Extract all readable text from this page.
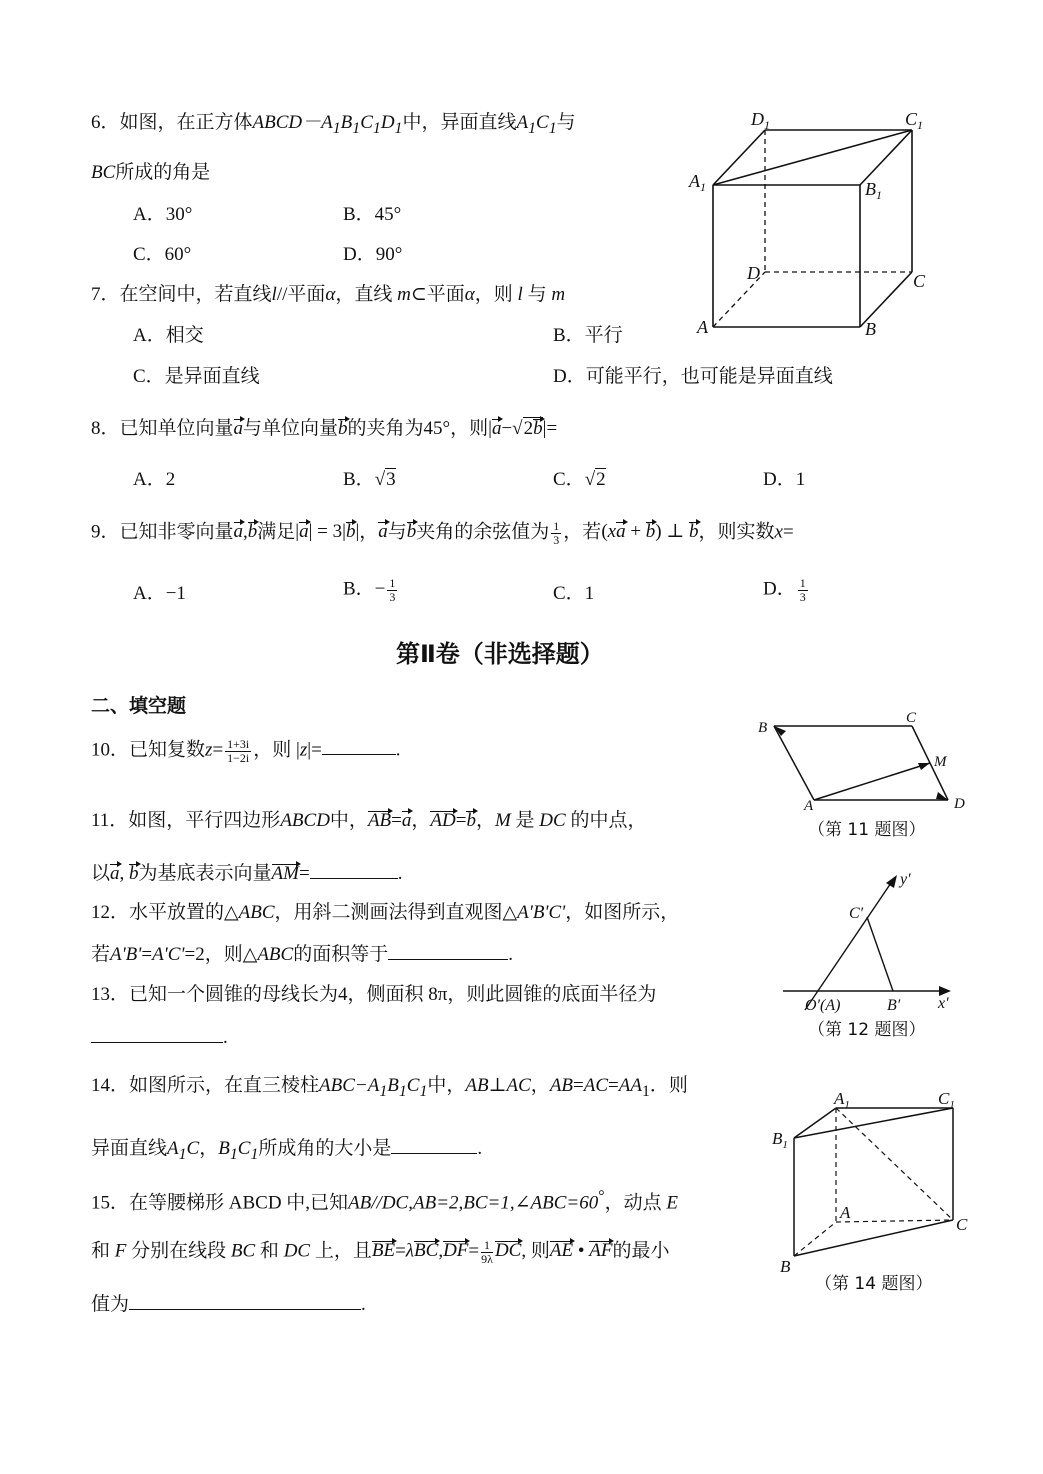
6．如图，在正方体$ABCD-A_1B_1C_1D_1$中，异面直线$A_1C_1$与
BC所成的角是
A．30°	B．45°
C．60°	D．90°
$D_1$	$C_1$
$A_1$	$B_1$
D	C
A	B
7．在空间中，若直线l//平面α，直线 m⊂平面α，则 l 与 m
A．相交	B．平行
C．是异面直线	D．可能平行，也可能是异面直线
8．已知单位向量a与单位向量b的夹角为45°，则|a−√2b|=
A．2	B．√3	C．√2	D．1
9．已知非零向量a,b满足|a| = 3|b|，a与b夹角的余弦值为 $\frac{1}{3}$ ，若(xa + b) ⊥ b，则实数x=
A．−1	B．− $\frac{1}{3}$	C．1	D． $\frac{1}{3}$
第Ⅱ卷（非选择题）
二、填空题
10．已知复数$z= \frac{1+3i}{1-2i}$ ，则 |z|=	.
B
C
M
A	D
（第 11 题图）
11．如图，平行四边形ABCD中，AB=a，AD=b，M 是 DC 的中点，
以a, b为基底表示向量AM=	.
12．水平放置的△ABC，用斜二测画法得到直观图△A'B'C'，如图所示，
若A'B'=A'C'=2，则△ABC的面积等于	.
y′
C′
O′(A)	B′ x′
（第 12 题图）
13．已知一个圆锥的母线长为4，侧面积 8π，则此圆锥的底面半径为
.
14．如图所示，在直三棱柱$ABC-A_1B_1C_1$中，AB⊥AC，$AB=AC=AA_1$．则
异面直线$A_1C$，$B_1C_1$所成角的大小是	.
$A_1$	$C_1$
$B_1$
A
C
B
（第 14 题图）
15．在等腰梯形 ABCD 中,已知AB//DC,AB=2,BC=1,∠ABC=60°，动点 E
和 F 分别在线段 BC 和 DC 上，且$BE=\lambda BC,DF= \frac{1}{9\lambda}$ DC, 则AE • AF的最小
值为	.
